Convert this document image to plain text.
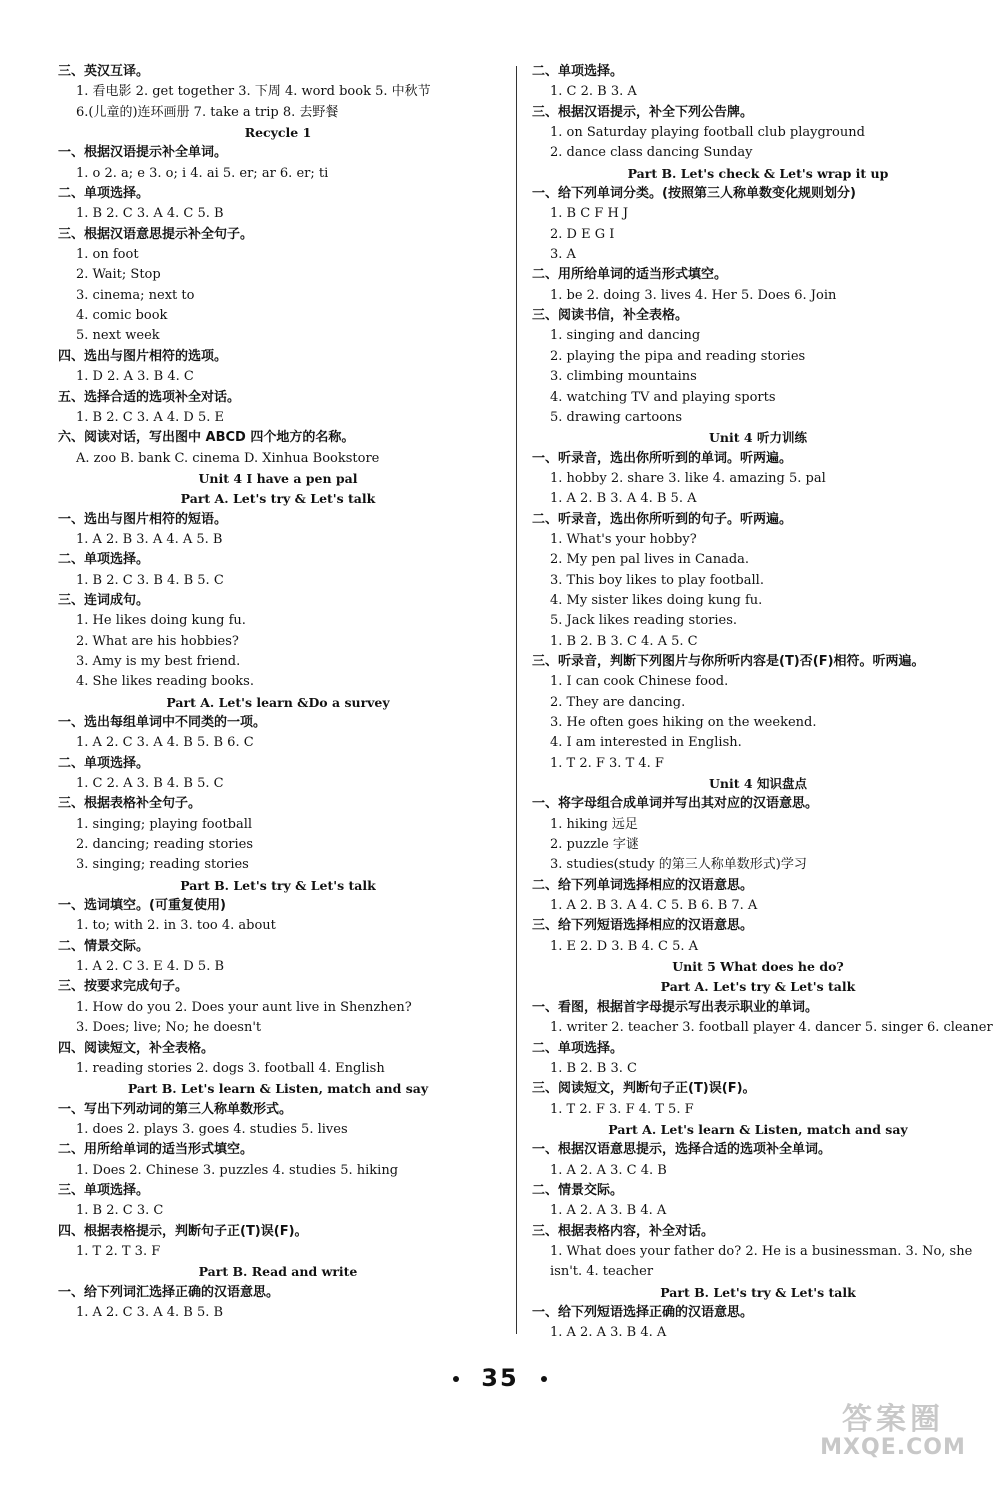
三、英汉互译。
1. 看电影 2. get together 3. 下周 4. word book 5. 中秋节
6.(儿童的)连环画册 7. take a trip 8. 去野餐
Recycle 1
一、根据汉语提示补全单词。
1. o 2. a; e 3. o; i 4. ai 5. er; ar 6. er; ti
二、单项选择。
1. B 2. C 3. A 4. C 5. B
三、根据汉语意思提示补全句子。
1. on foot
2. Wait; Stop
3. cinema; next to
4. comic book
5. next week
四、选出与图片相符的选项。
1. D 2. A 3. B 4. C
五、选择合适的选项补全对话。
1. B 2. C 3. A 4. D 5. E
六、阅读对话，写出图中 ABCD 四个地方的名称。
A. zoo B. bank C. cinema D. Xinhua Bookstore
Unit 4 I have a pen pal
Part A. Let's try & Let's talk
一、选出与图片相符的短语。
1. A 2. B 3. A 4. A 5. B
二、单项选择。
1. B 2. C 3. B 4. B 5. C
三、连词成句。
1. He likes doing kung fu.
2. What are his hobbies?
3. Amy is my best friend.
4. She likes reading books.
Part A. Let's learn &Do a survey
一、选出每组单词中不同类的一项。
1. A 2. C 3. A 4. B 5. B 6. C
二、单项选择。
1. C 2. A 3. B 4. B 5. C
三、根据表格补全句子。
1. singing; playing football
2. dancing; reading stories
3. singing; reading stories
Part B. Let's try & Let's talk
一、选词填空。(可重复使用)
1. to; with 2. in 3. too 4. about
二、情景交际。
1. A 2. C 3. E 4. D 5. B
三、按要求完成句子。
1. How do you 2. Does your aunt live in Shenzhen?
3. Does; live; No; he doesn't
四、阅读短文，补全表格。
1. reading stories 2. dogs 3. football 4. English
Part B. Let's learn & Listen, match and say
一、写出下列动词的第三人称单数形式。
1. does 2. plays 3. goes 4. studies 5. lives
二、用所给单词的适当形式填空。
1. Does 2. Chinese 3. puzzles 4. studies 5. hiking
三、单项选择。
1. B 2. C 3. C
四、根据表格提示，判断句子正(T)误(F)。
1. T 2. T 3. F
Part B. Read and write
一、给下列词汇选择正确的汉语意思。
1. A 2. C 3. A 4. B 5. B
二、单项选择。
1. C 2. B 3. A
三、根据汉语提示，补全下列公告牌。
1. on Saturday playing football club playground
2. dance class dancing Sunday
Part B. Let's check & Let's wrap it up
一、给下列单词分类。(按照第三人称单数变化规则划分)
1. B C F H J
2. D E G I
3. A
二、用所给单词的适当形式填空。
1. be 2. doing 3. lives 4. Her 5. Does 6. Join
三、阅读书信，补全表格。
1. singing and dancing
2. playing the pipa and reading stories
3. climbing mountains
4. watching TV and playing sports
5. drawing cartoons
Unit 4 听力训练
一、听录音，选出你所听到的单词。听两遍。
1. hobby 2. share 3. like 4. amazing 5. pal
1. A 2. B 3. A 4. B 5. A
二、听录音，选出你所听到的句子。听两遍。
1. What's your hobby?
2. My pen pal lives in Canada.
3. This boy likes to play football.
4. My sister likes doing kung fu.
5. Jack likes reading stories.
1. B 2. B 3. C 4. A 5. C
三、听录音，判断下列图片与你所听内容是(T)否(F)相符。听两遍。
1. I can cook Chinese food.
2. They are dancing.
3. He often goes hiking on the weekend.
4. I am interested in English.
1. T 2. F 3. T 4. F
Unit 4 知识盘点
一、将字母组合成单词并写出其对应的汉语意思。
1. hiking 远足
2. puzzle 字谜
3. studies(study 的第三人称单数形式)学习
二、给下列单词选择相应的汉语意思。
1. A 2. B 3. A 4. C 5. B 6. B 7. A
三、给下列短语选择相应的汉语意思。
1. E 2. D 3. B 4. C 5. A
Unit 5 What does he do?
Part A. Let's try & Let's talk
一、看图，根据首字母提示写出表示职业的单词。
1. writer 2. teacher 3. football player 4. dancer 5. singer 6. cleaner
二、单项选择。
1. B 2. B 3. C
三、阅读短文，判断句子正(T)误(F)。
1. T 2. F 3. F 4. T 5. F
Part A. Let's learn & Listen, match and say
一、根据汉语意思提示，选择合适的选项补全单词。
1. A 2. A 3. C 4. B
二、情景交际。
1. A 2. A 3. B 4. A
三、根据表格内容，补全对话。
1. What does your father do? 2. He is a businessman. 3. No, she
isn't. 4. teacher
Part B. Let's try & Let's talk
一、给下列短语选择正确的汉语意思。
1. A 2. A 3. B 4. A
35
答案圈
MXQE.COM
